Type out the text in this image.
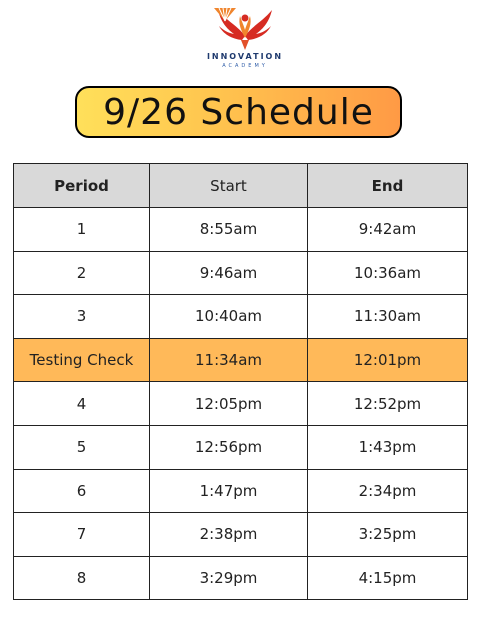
INNOVATION
ACADEMY
9/26 Schedule
Period	Start	End
1	8:55am	9:42am
2	9:46am	10:36am
3	10:40am	11:30am
Testing Check	11:34am	12:01pm
4	12:05pm	12:52pm
5	12:56pm	1:43pm
6	1:47pm	2:34pm
7	2:38pm	3:25pm
8	3:29pm	4:15pm
